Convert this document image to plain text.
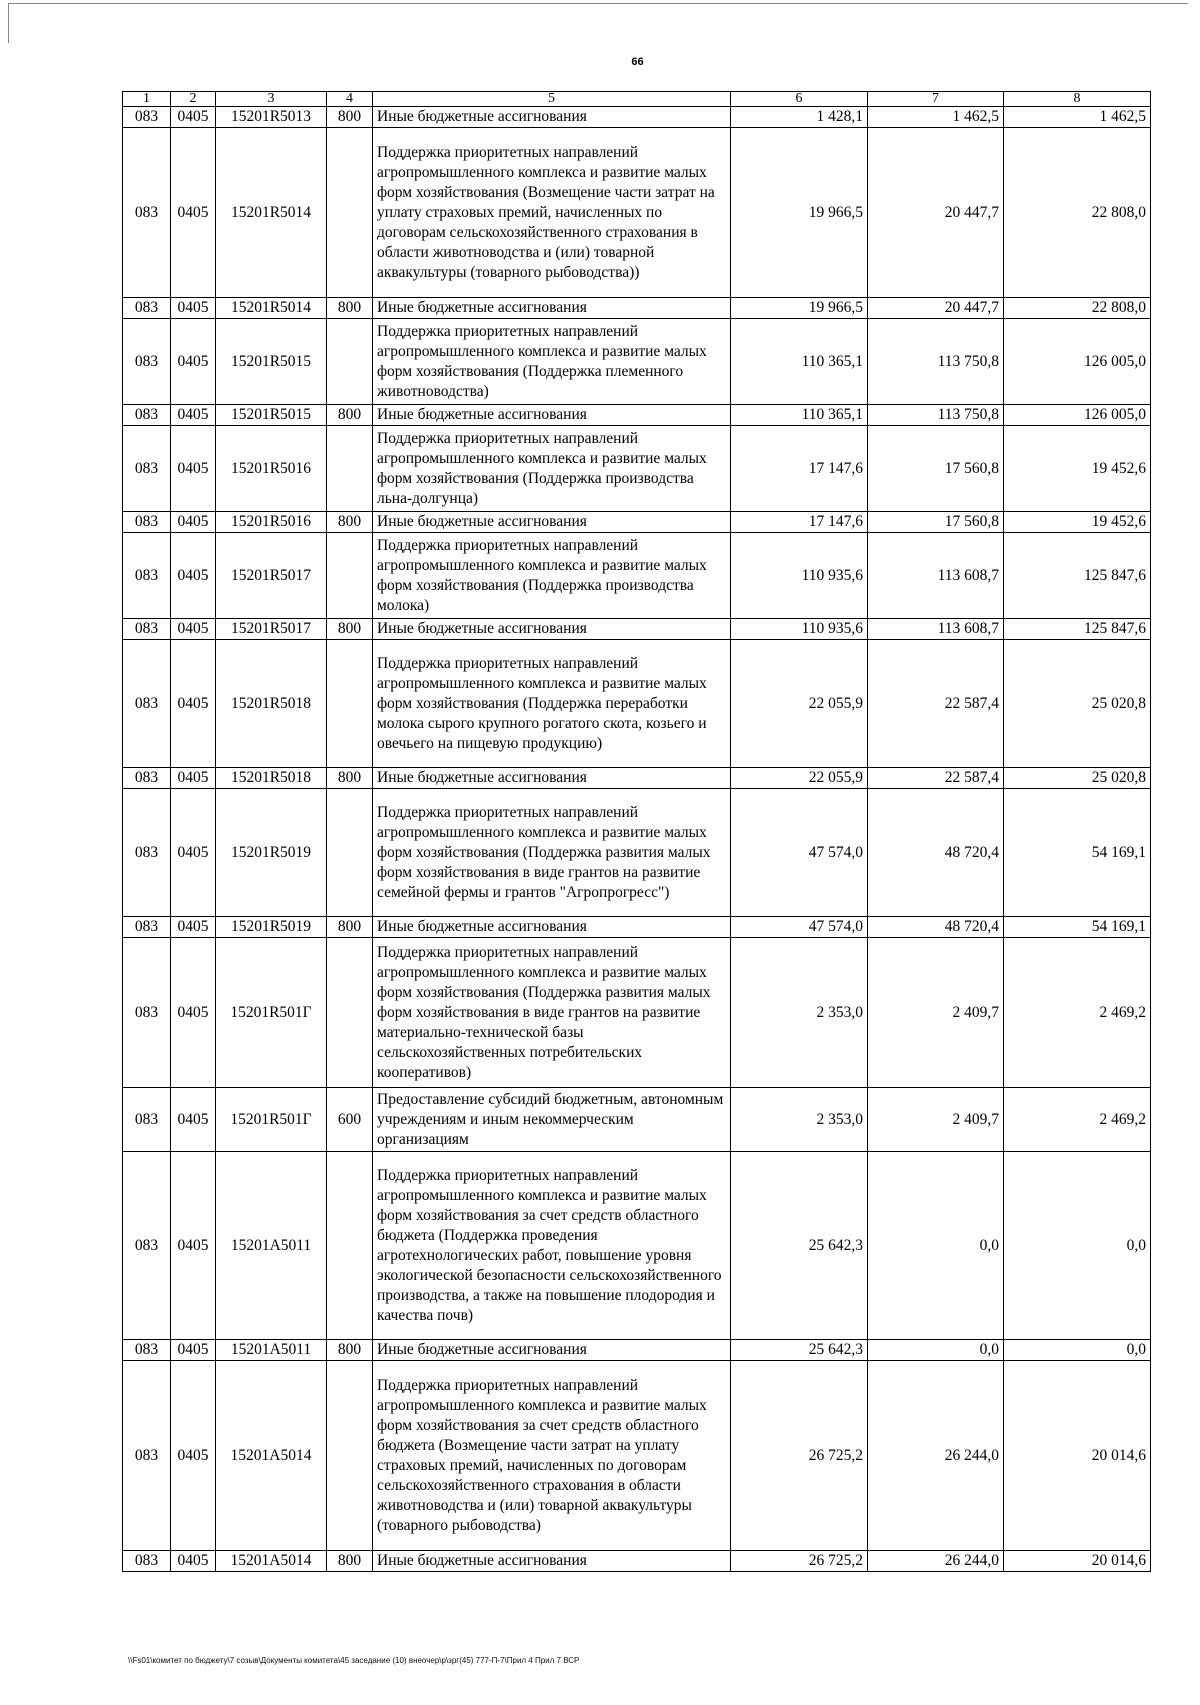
66
1	2	3	4	5	6	7	8
083	0405	15201R5013	800	Иные бюджетные ассигнования	1 428,1	1 462,5	1 462,5
083	0405	15201R5014		Поддержка приоритетных направлений агропромышленного комплекса и развитие малых форм хозяйствования (Возмещение части затрат на уплату страховых премий, начисленных по договорам сельскохозяйственного страхования в области животноводства и (или) товарной аквакультуры (товарного рыбоводства))	19 966,5	20 447,7	22 808,0
083	0405	15201R5014	800	Иные бюджетные ассигнования	19 966,5	20 447,7	22 808,0
083	0405	15201R5015		Поддержка приоритетных направлений агропромышленного комплекса и развитие малых форм хозяйствования (Поддержка племенного животноводства)	110 365,1	113 750,8	126 005,0
083	0405	15201R5015	800	Иные бюджетные ассигнования	110 365,1	113 750,8	126 005,0
083	0405	15201R5016		Поддержка приоритетных направлений агропромышленного комплекса и развитие малых форм хозяйствования (Поддержка производства льна-долгунца)	17 147,6	17 560,8	19 452,6
083	0405	15201R5016	800	Иные бюджетные ассигнования	17 147,6	17 560,8	19 452,6
083	0405	15201R5017		Поддержка приоритетных направлений агропромышленного комплекса и развитие малых форм хозяйствования (Поддержка производства молока)	110 935,6	113 608,7	125 847,6
083	0405	15201R5017	800	Иные бюджетные ассигнования	110 935,6	113 608,7	125 847,6
083	0405	15201R5018		Поддержка приоритетных направлений агропромышленного комплекса и развитие малых форм хозяйствования (Поддержка переработки молока сырого крупного рогатого скота, козьего и овечьего на пищевую продукцию)	22 055,9	22 587,4	25 020,8
083	0405	15201R5018	800	Иные бюджетные ассигнования	22 055,9	22 587,4	25 020,8
083	0405	15201R5019		Поддержка приоритетных направлений агропромышленного комплекса и развитие малых форм хозяйствования (Поддержка развития малых форм хозяйствования в виде грантов на развитие семейной фермы и грантов "Агропрогресс")	47 574,0	48 720,4	54 169,1
083	0405	15201R5019	800	Иные бюджетные ассигнования	47 574,0	48 720,4	54 169,1
083	0405	15201R501Г		Поддержка приоритетных направлений агропромышленного комплекса и развитие малых форм хозяйствования (Поддержка развития малых форм хозяйствования в виде грантов на развитие материально-технической базы сельскохозяйственных потребительских кооперативов)	2 353,0	2 409,7	2 469,2
083	0405	15201R501Г	600	Предоставление субсидий бюджетным, автономным учреждениям и иным некоммерческим организациям	2 353,0	2 409,7	2 469,2
083	0405	15201А5011		Поддержка приоритетных направлений агропромышленного комплекса и развитие малых форм хозяйствования за счет средств областного бюджета (Поддержка проведения агротехнологических работ, повышение уровня экологической безопасности сельскохозяйственного производства, а также на повышение плодородия и качества почв)	25 642,3	0,0	0,0
083	0405	15201А5011	800	Иные бюджетные ассигнования	25 642,3	0,0	0,0
083	0405	15201А5014		Поддержка приоритетных направлений агропромышленного комплекса и развитие малых форм хозяйствования за счет средств областного бюджета (Возмещение части затрат на уплату страховых премий, начисленных по договорам сельскохозяйственного страхования в области животноводства и (или) товарной аквакультуры (товарного рыбоводства)	26 725,2	26 244,0	20 014,6
083	0405	15201А5014	800	Иные бюджетные ассигнования	26 725,2	26 244,0	20 014,6
\\Fs01\комитет по бюджету\7 созыв\Документы комитета\45 заседание (10) внеочер\р\зрг(45) 777-П-7\Прил 4 Прил 7 ВСР
